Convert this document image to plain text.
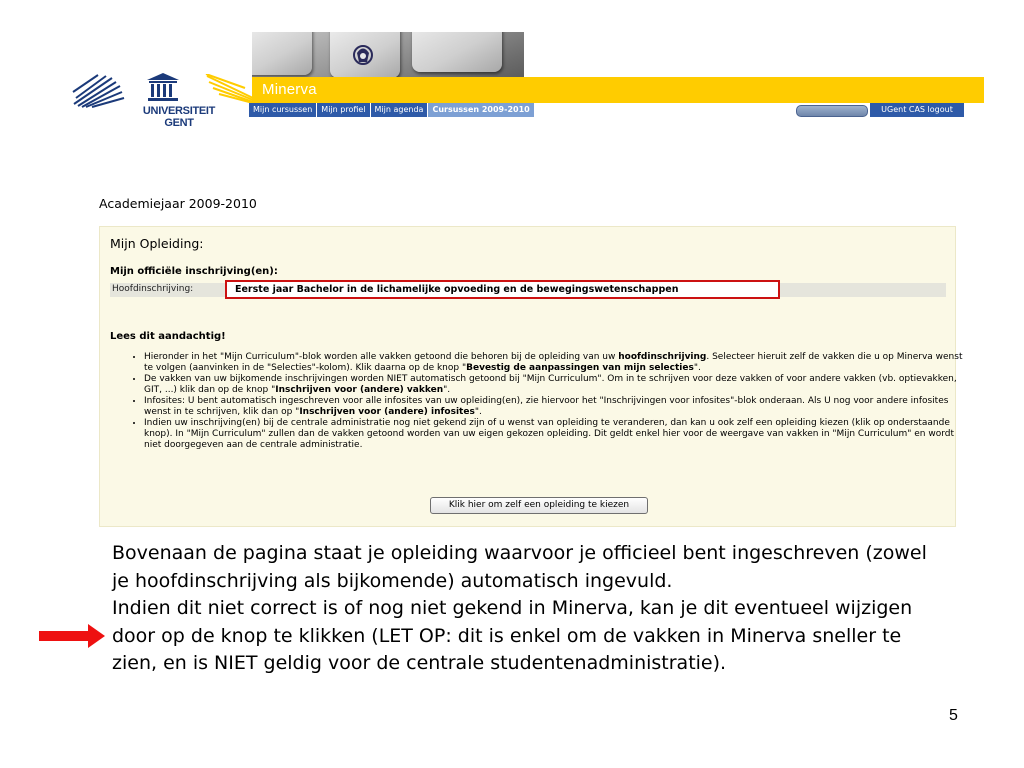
UNIVERSITEIT
GENT
Minerva
Mijn cursussen	Mijn profiel	Mijn agenda	Cursussen 2009-2010	UGent CAS logout
Academiejaar 2009-2010
Mijn Opleiding:
Mijn officiële inschrijving(en):
Hoofdinschrijving:	Eerste jaar Bachelor in de lichamelijke opvoeding en de bewegingswetenschappen
Lees dit aandachtig!
• Hieronder in het "Mijn Curriculum"-blok worden alle vakken getoond die behoren bij de opleiding van uw hoofdinschrijving. Selecteer hieruit zelf de vakken die u op Minerva wenst te volgen (aanvinken in de "Selecties"-kolom). Klik daarna op de knop "Bevestig de aanpassingen van mijn selecties".
• De vakken van uw bijkomende inschrijvingen worden NIET automatisch getoond bij "Mijn Curriculum". Om in te schrijven voor deze vakken of voor andere vakken (vb. optievakken, GIT, ...) klik dan op de knop "Inschrijven voor (andere) vakken".
• Infosites: U bent automatisch ingeschreven voor alle infosites van uw opleiding(en), zie hiervoor het "Inschrijvingen voor infosites"-blok onderaan. Als U nog voor andere infosites wenst in te schrijven, klik dan op "Inschrijven voor (andere) infosites".
• Indien uw inschrijving(en) bij de centrale administratie nog niet gekend zijn of u wenst van opleiding te veranderen, dan kan u ook zelf een opleiding kiezen (klik op onderstaande knop). In "Mijn Curriculum" zullen dan de vakken getoond worden van uw eigen gekozen opleiding. Dit geldt enkel hier voor de weergave van vakken in "Mijn Curriculum" en wordt niet doorgegeven aan de centrale administratie.
Klik hier om zelf een opleiding te kiezen

Bovenaan de pagina staat je opleiding waarvoor je officieel bent ingeschreven (zowel je hoofdinschrijving als bijkomende) automatisch ingevuld.

Indien dit niet correct is of nog niet gekend in Minerva, kan je dit eventueel wijzigen door op de knop te klikken (LET OP: dit is enkel om de vakken in Minerva sneller te zien, en is NIET geldig voor de centrale studentenadministratie).

5
